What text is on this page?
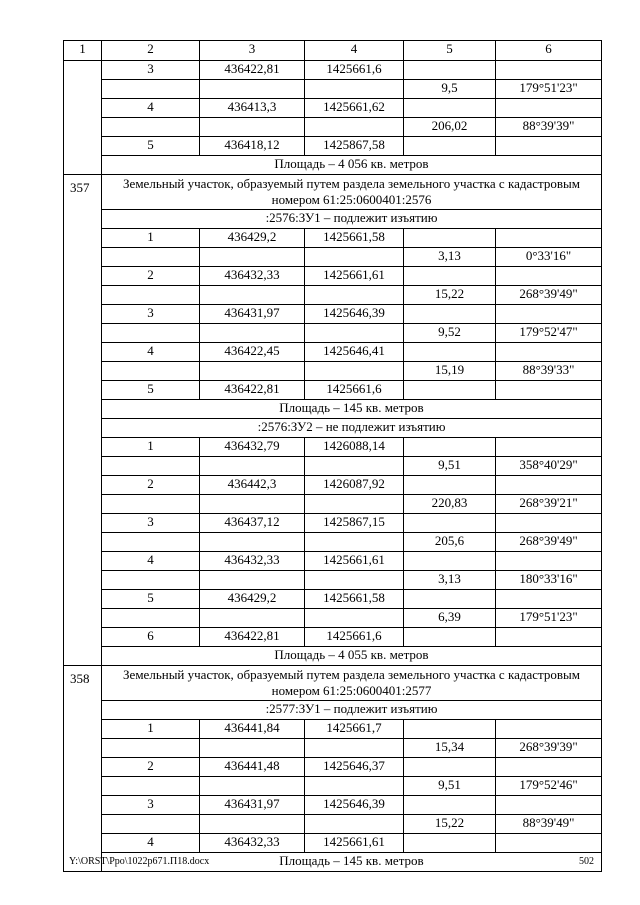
1	2	3	4	5	6
	3	436422,81	1425661,6		
				9,5	179°51'23"
	4	436413,3	1425661,62		
				206,02	88°39'39"
	5	436418,12	1425867,58		
	Площадь – 4 056 кв. метров				
357	Земельный участок, образуемый путем раздела земельного участка с кадастровым номером 61:25:0600401:2576				
	:2576:ЗУ1 – подлежит изъятию				
	1	436429,2	1425661,58		
				3,13	0°33'16"
	2	436432,33	1425661,61		
				15,22	268°39'49"
	3	436431,97	1425646,39		
				9,52	179°52'47"
	4	436422,45	1425646,41		
				15,19	88°39'33"
	5	436422,81	1425661,6		
	Площадь – 145 кв. метров				
	:2576:ЗУ2 – не подлежит изъятию				
	1	436432,79	1426088,14		
				9,51	358°40'29"
	2	436442,3	1426087,92		
				220,83	268°39'21"
	3	436437,12	1425867,15		
				205,6	268°39'49"
	4	436432,33	1425661,61		
				3,13	180°33'16"
	5	436429,2	1425661,58		
				6,39	179°51'23"
	6	436422,81	1425661,6		
	Площадь – 4 055 кв. метров				
358	Земельный участок, образуемый путем раздела земельного участка с кадастровым номером 61:25:0600401:2577				
	:2577:ЗУ1 – подлежит изъятию				
	1	436441,84	1425661,7		
				15,34	268°39'39"
	2	436441,48	1425646,37		
				9,51	179°52'46"
	3	436431,97	1425646,39		
				15,22	88°39'49"
	4	436432,33	1425661,61		
	Площадь – 145 кв. метров				
Y:\ORST\Ppo\1022p671.П18.docx	502
